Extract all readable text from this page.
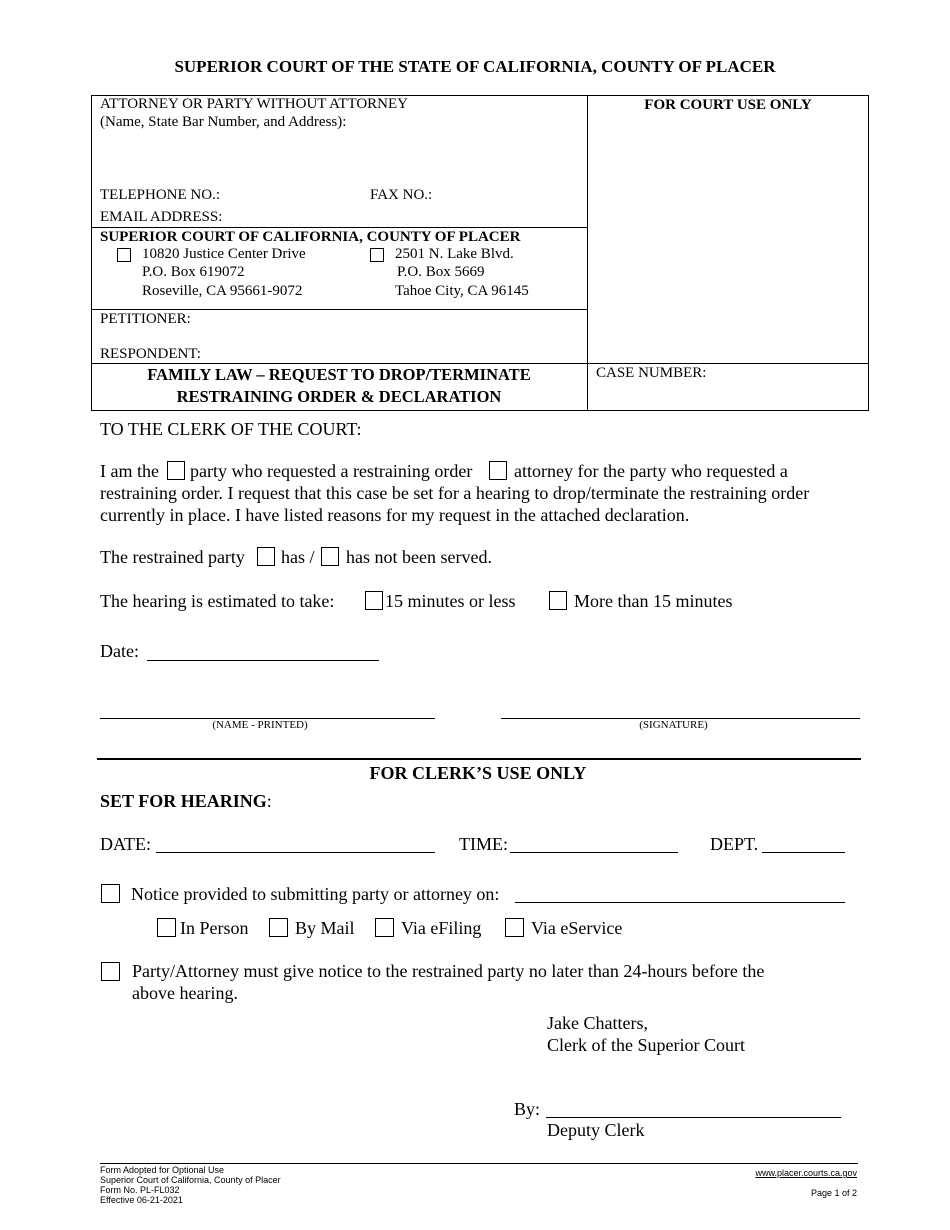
SUPERIOR COURT OF THE STATE OF CALIFORNIA, COUNTY OF PLACER
ATTORNEY OR PARTY WITHOUT ATTORNEY
(Name, State Bar Number, and Address):
FOR COURT USE ONLY
TELEPHONE NO.:	FAX NO.:
EMAIL ADDRESS:
SUPERIOR COURT OF CALIFORNIA, COUNTY OF PLACER
10820 Justice Center Drive
P.O. Box 619072
Roseville, CA 95661-9072
2501 N. Lake Blvd.
P.O. Box 5669
Tahoe City, CA 96145
PETITIONER:
RESPONDENT:
FAMILY LAW – REQUEST TO DROP/TERMINATE
RESTRAINING ORDER & DECLARATION
CASE NUMBER:
TO THE CLERK OF THE COURT:
I am the party who requested a restraining order attorney for the party who requested a
restraining order. I request that this case be set for a hearing to drop/terminate the restraining order
currently in place. I have listed reasons for my request in the attached declaration.
The restrained party has / has not been served.
The hearing is estimated to take:	15 minutes or less	More than 15 minutes
Date:
(NAME - PRINTED)	(SIGNATURE)
FOR CLERK’S USE ONLY
SET FOR HEARING:
DATE:	TIME:	DEPT.
Notice provided to submitting party or attorney on:
In Person	By Mail	Via eFiling	Via eService
Party/Attorney must give notice to the restrained party no later than 24-hours before the
above hearing.
Jake Chatters,
Clerk of the Superior Court
By:
Deputy Clerk
Form Adopted for Optional Use
Superior Court of California, County of Placer
Form No. PL-FL032
Effective 06-21-2021
www.placer.courts.ca.gov
Page 1 of 2
